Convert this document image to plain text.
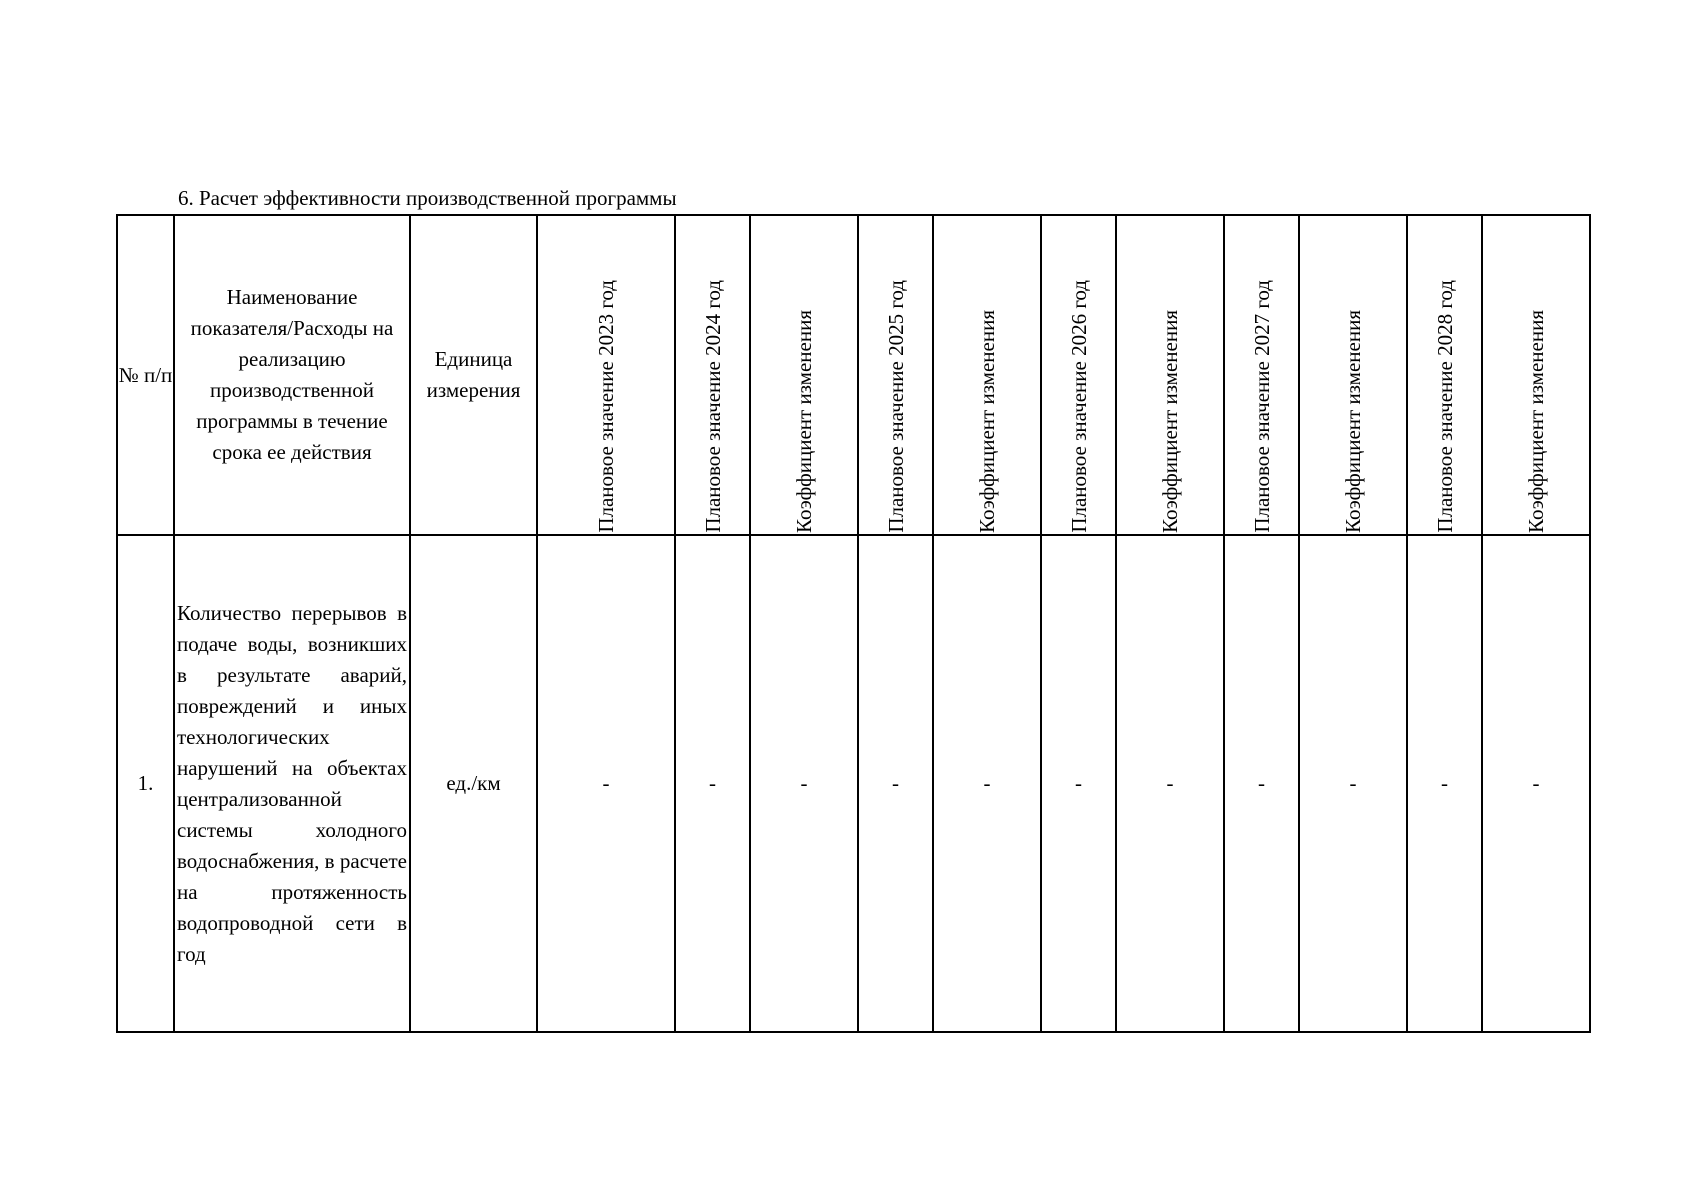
6. Расчет эффективности производственной программы
№ п/п	Наименование показателя/Расходы на реализацию производственной программы в течение срока ее действия	Единица измерения	Плановое значение 2023 год	Плановое значение 2024 год	Коэффициент изменения	Плановое значение 2025 год	Коэффициент изменения	Плановое значение 2026 год	Коэффициент изменения	Плановое значение 2027 год	Коэффициент изменения	Плановое значение 2028 год	Коэффициент изменения

1.	Количество перерывов в подаче воды, возникших в результате аварий, повреждений и иных технологических нарушений на объектах централизованной системы холодного водоснабжения, в расчете на протяженность водопроводной сети в год	ед./км	-	-	-	-	-	-	-	-	-	-	-
